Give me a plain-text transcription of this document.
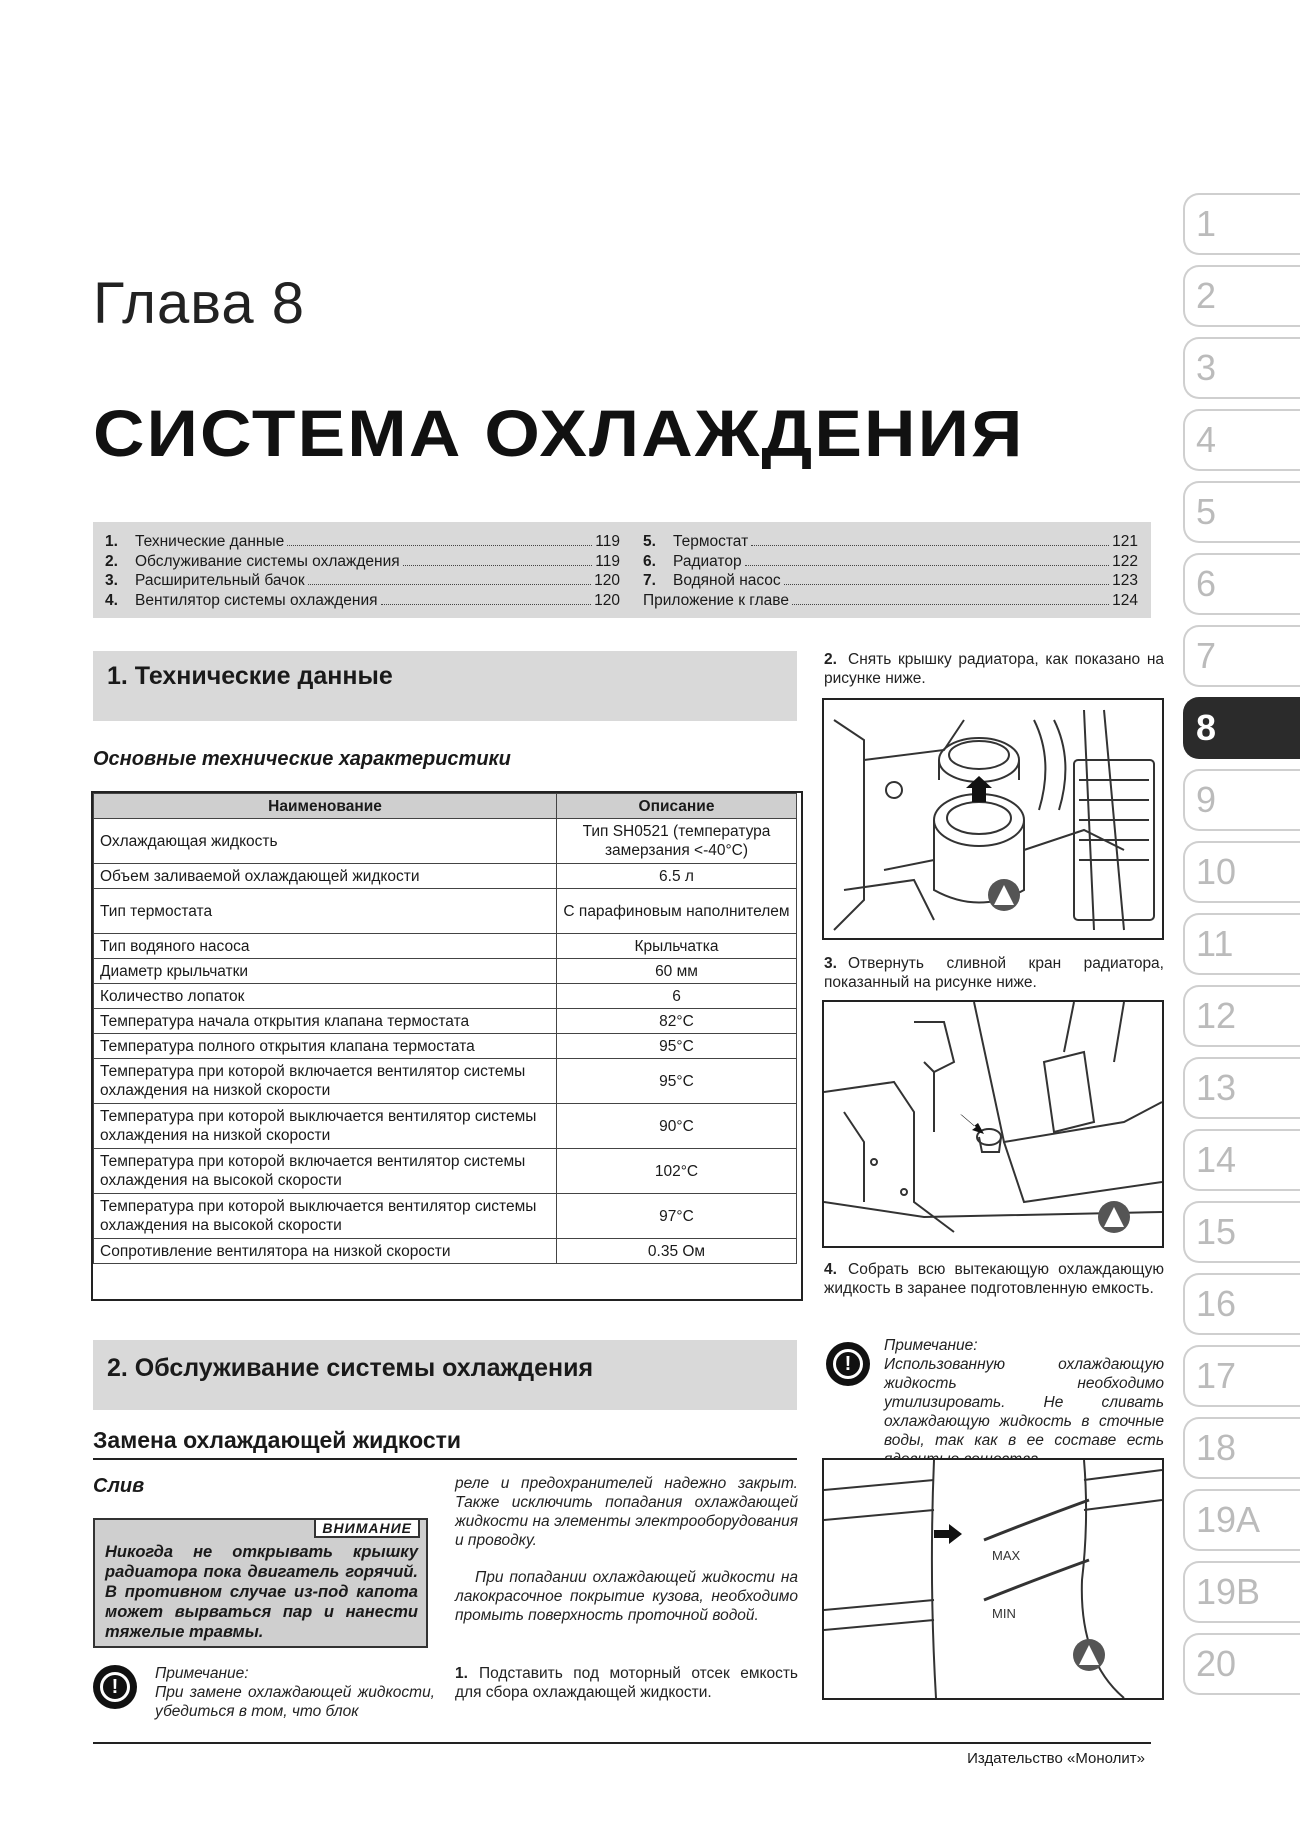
Глава 8
СИСТЕМА ОХЛАЖДЕНИЯ
1.	Технические данные	119
2.	Обслуживание системы охлаждения	119
3.	Расширительный бачок	120
4.	Вентилятор системы охлаждения	120
5.	Термостат	121
6.	Радиатор	122
7.	Водяной насос	123
Приложение к главе	124
1. Технические данные
Основные технические характеристики
Наименование	Описание
Охлаждающая жидкость	Тип SH0521 (температура замерзания <-40°С)
Объем заливаемой охлаждающей жидкости	6.5 л
Тип термостата	С парафиновым наполнителем
Тип водяного насоса	Крыльчатка
Диаметр крыльчатки	60 мм
Количество лопаток	6
Температура начала открытия клапана термостата	82°С
Температура полного открытия клапана термостата	95°С
Температура при которой включается вентилятор системы охлаждения на низкой скорости	95°С
Температура при которой выключается вентилятор системы охлаждения на низкой скорости	90°С
Температура при которой включается вентилятор системы охлаждения на высокой скорости	102°С
Температура при которой выключается вентилятор системы охлаждения на высокой скорости	97°С
Сопротивление вентилятора на низкой скорости	0.35 Ом
2. Обслуживание системы охлаждения
Замена охлаждающей жидкости
Слив
ВНИМАНИЕ
Никогда не открывать крышку радиатора пока двигатель горячий. В противном случае из-под капота может вырваться пар и нанести тяжелые травмы.
!
Примечание:
При замене охлаждающей жидкости, убедиться в том, что блок
реле и предохранителей надежно закрыт. Также исключить попадания охлаждающей жидкости на элементы электрооборудования и проводку.
При попадании охлаждающей жидкости на лакокрасочное покрытие кузова, необходимо промыть поверхность проточной водой.
1. Подставить под моторный отсек емкость для сбора охлаждающей жидкости.
2. Снять крышку радиатора, как показано на рисунке ниже.
3. Отвернуть сливной кран радиатора, показанный на рисунке ниже.
4. Собрать всю вытекающую охлаждающую жидкость в заранее подготовленную емкость.
!
Примечание:
Использованную охлаждающую жидкость необходимо утилизировать. Не сливать охлаждающую жидкость в сточные воды, так как в ее составе есть
MAX
MIN
1
2
3
4
5
6
7
8
9
10
11
12
13
14
15
16
17
18
19A
19B
20
Издательство «Монолит»
